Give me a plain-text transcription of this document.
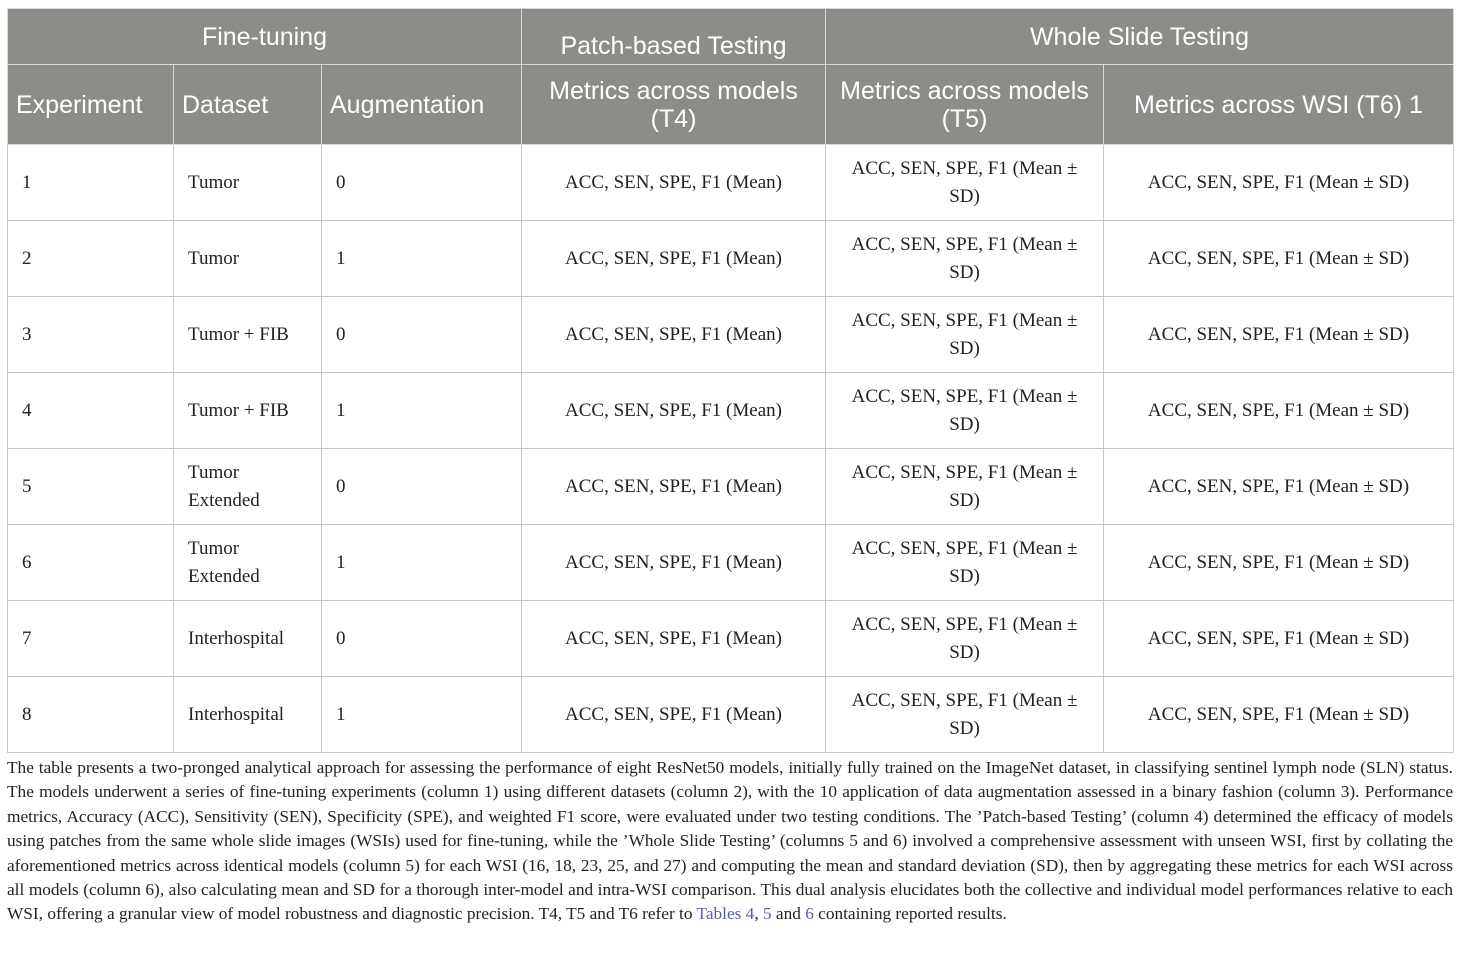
Fine-tuning			Patch-based Testing	Whole Slide Testing	
Experiment	Dataset	Augmentation	Metrics across models (T4)	Metrics across models (T5)	Metrics across WSI (T6) 1
1	Tumor	0	ACC, SEN, SPE, F1 (Mean)	ACC, SEN, SPE, F1 (Mean ± SD)	ACC, SEN, SPE, F1 (Mean ± SD)
2	Tumor	1	ACC, SEN, SPE, F1 (Mean)	ACC, SEN, SPE, F1 (Mean ± SD)	ACC, SEN, SPE, F1 (Mean ± SD)
3	Tumor + FIB	0	ACC, SEN, SPE, F1 (Mean)	ACC, SEN, SPE, F1 (Mean ± SD)	ACC, SEN, SPE, F1 (Mean ± SD)
4	Tumor + FIB	1	ACC, SEN, SPE, F1 (Mean)	ACC, SEN, SPE, F1 (Mean ± SD)	ACC, SEN, SPE, F1 (Mean ± SD)
5	Tumor Extended	0	ACC, SEN, SPE, F1 (Mean)	ACC, SEN, SPE, F1 (Mean ± SD)	ACC, SEN, SPE, F1 (Mean ± SD)
6	Tumor Extended	1	ACC, SEN, SPE, F1 (Mean)	ACC, SEN, SPE, F1 (Mean ± SD)	ACC, SEN, SPE, F1 (Mean ± SD)
7	Interhospital	0	ACC, SEN, SPE, F1 (Mean)	ACC, SEN, SPE, F1 (Mean ± SD)	ACC, SEN, SPE, F1 (Mean ± SD)
8	Interhospital	1	ACC, SEN, SPE, F1 (Mean)	ACC, SEN, SPE, F1 (Mean ± SD)	ACC, SEN, SPE, F1 (Mean ± SD)
The table presents a two-pronged analytical approach for assessing the performance of eight ResNet50 models, initially fully trained on the ImageNet dataset, in classifying sentinel lymph node (SLN) status. The models underwent a series of fine-tuning experiments (column 1) using different datasets (column 2), with the 10 application of data augmentation assessed in a binary fashion (column 3). Performance metrics, Accuracy (ACC), Sensitivity (SEN), Specificity (SPE), and weighted F1 score, were evaluated under two testing conditions. The ’Patch-based Testing’ (column 4) determined the efficacy of models using patches from the same whole slide images (WSIs) used for fine-tuning, while the ’Whole Slide Testing’ (columns 5 and 6) involved a comprehensive assessment with unseen WSI, first by collating the aforementioned metrics across identical models (column 5) for each WSI (16, 18, 23, 25, and 27) and computing the mean and standard deviation (SD), then by aggregating these metrics for each WSI across all models (column 6), also calculating mean and SD for a thorough inter-model and intra-WSI comparison. This dual analysis elucidates both the collective and individual model performances relative to each WSI, offering a granular view of model robustness and diagnostic precision. T4, T5 and T6 refer to Tables 4, 5 and 6 containing reported results.
